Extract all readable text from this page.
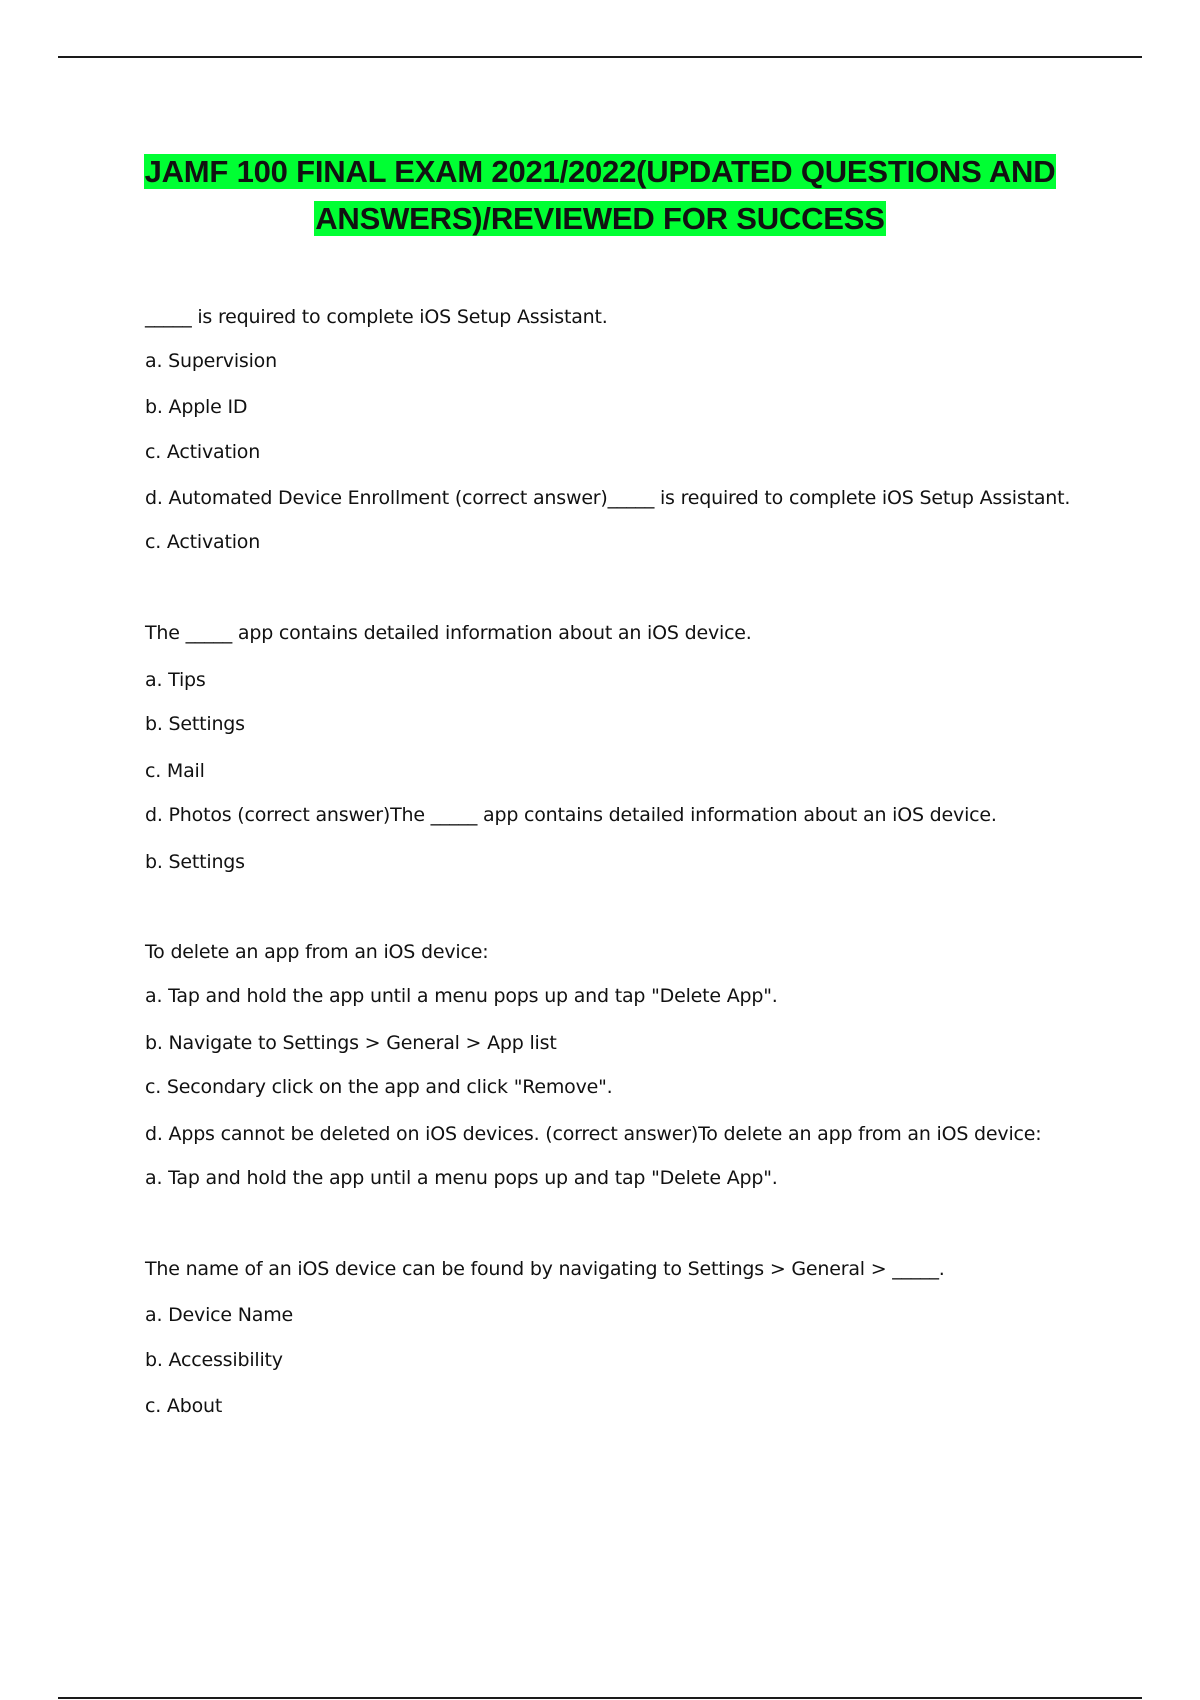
JAMF 100 FINAL EXAM 2021/2022(UPDATED QUESTIONS AND
ANSWERS)/REVIEWED FOR SUCCESS
_____ is required to complete iOS Setup Assistant.
a. Supervision
b. Apple ID
c. Activation
d. Automated Device Enrollment (correct answer)_____ is required to complete iOS Setup Assistant.
c. Activation
The _____ app contains detailed information about an iOS device.
a. Tips
b. Settings
c. Mail
d. Photos (correct answer)The _____ app contains detailed information about an iOS device.
b. Settings
To delete an app from an iOS device:
a. Tap and hold the app until a menu pops up and tap "Delete App".
b. Navigate to Settings > General > App list
c. Secondary click on the app and click "Remove".
d. Apps cannot be deleted on iOS devices. (correct answer)To delete an app from an iOS device:
a. Tap and hold the app until a menu pops up and tap "Delete App".
The name of an iOS device can be found by navigating to Settings > General > _____.
a. Device Name
b. Accessibility
c. About
